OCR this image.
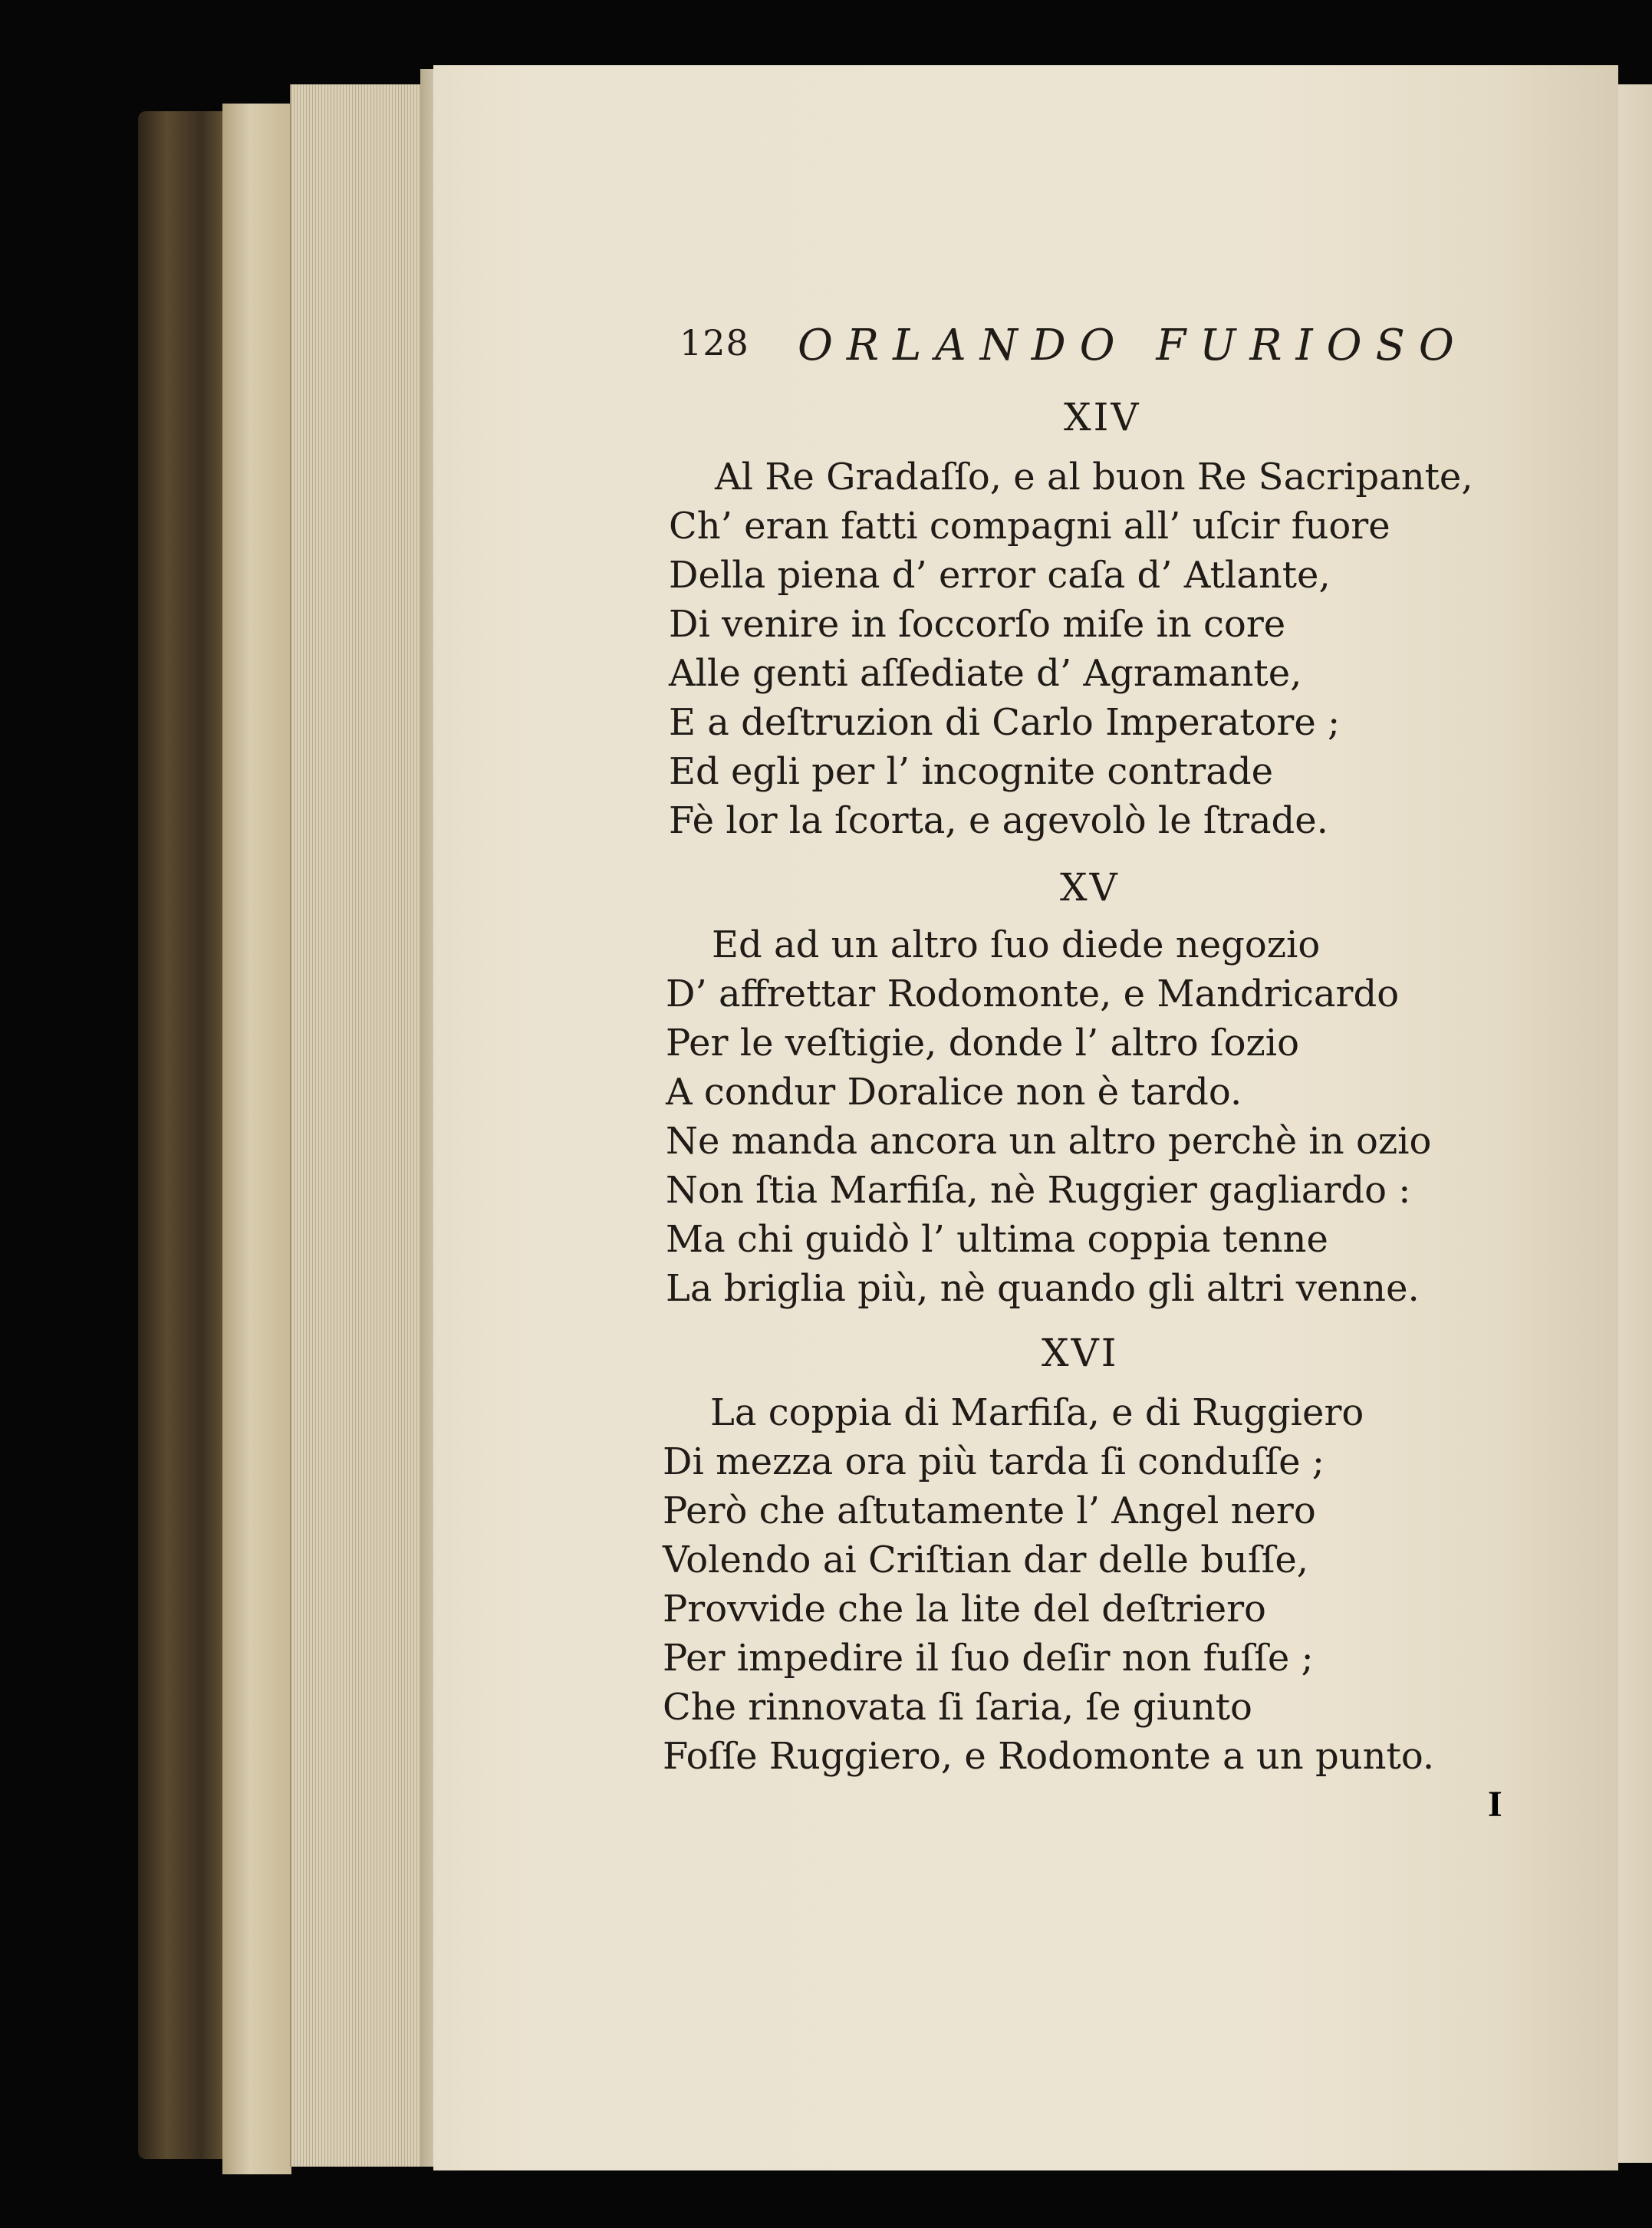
128 ORLANDO FURIOSO
XIV
Al Re Gradaſſo, e al buon Re Sacripante,
Ch’ eran fatti compagni all’ uſcir fuore
Della piena d’ error caſa d’ Atlante,
Di venire in ſoccorſo miſe in core
Alle genti aſſediate d’ Agramante,
E a deſtruzion di Carlo Imperatore ;
Ed egli per l’ incognite contrade
Fè lor la ſcorta, e agevolò le ſtrade.
XV
Ed ad un altro ſuo diede negozio
D’ affrettar Rodomonte, e Mandricardo
Per le veſtigie, donde l’ altro ſozio
A condur Doralice non è tardo.
Ne manda ancora un altro perchè in ozio
Non ſtia Marfiſa, nè Ruggier gagliardo :
Ma chi guidò l’ ultima coppia tenne
La briglia più, nè quando gli altri venne.
XVI
La coppia di Marfiſa, e di Ruggiero
Di mezza ora più tarda ſi conduſſe ;
Però che aſtutamente l’ Angel nero
Volendo ai Criſtian dar delle buſſe,
Provvide che la lite del deſtriero
Per impedire il ſuo deſir non fuſſe ;
Che rinnovata ſi ſaria, ſe giunto
Foſſe Ruggiero, e Rodomonte a un punto.
I
